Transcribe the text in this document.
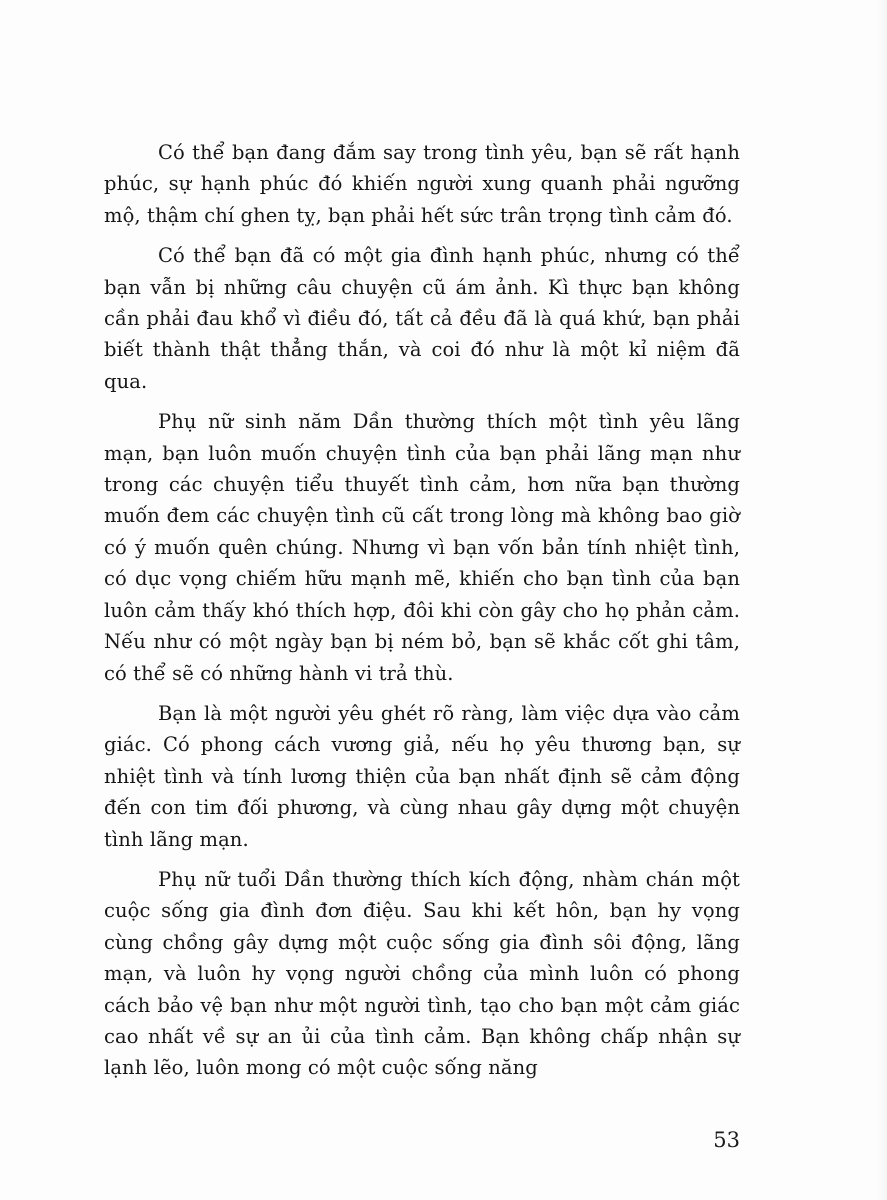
Có thể bạn đang đắm say trong tình yêu, bạn sẽ rất hạnh phúc, sự hạnh phúc đó khiến người xung quanh phải ngưỡng mộ, thậm chí ghen tỵ, bạn phải hết sức trân trọng tình cảm đó.

Có thể bạn đã có một gia đình hạnh phúc, nhưng có thể bạn vẫn bị những câu chuyện cũ ám ảnh. Kì thực bạn không cần phải đau khổ vì điều đó, tất cả đều đã là quá khứ, bạn phải biết thành thật thẳng thắn, và coi đó như là một kỉ niệm đã qua.

Phụ nữ sinh năm Dần thường thích một tình yêu lãng mạn, bạn luôn muốn chuyện tình của bạn phải lãng mạn như trong các chuyện tiểu thuyết tình cảm, hơn nữa bạn thường muốn đem các chuyện tình cũ cất trong lòng mà không bao giờ có ý muốn quên chúng. Nhưng vì bạn vốn bản tính nhiệt tình, có dục vọng chiếm hữu mạnh mẽ, khiến cho bạn tình của bạn luôn cảm thấy khó thích hợp, đôi khi còn gây cho họ phản cảm. Nếu như có một ngày bạn bị ném bỏ, bạn sẽ khắc cốt ghi tâm, có thể sẽ có những hành vi trả thù.

Bạn là một người yêu ghét rõ ràng, làm việc dựa vào cảm giác. Có phong cách vương giả, nếu họ yêu thương bạn, sự nhiệt tình và tính lương thiện của bạn nhất định sẽ cảm động đến con tim đối phương, và cùng nhau gây dựng một chuyện tình lãng mạn.

Phụ nữ tuổi Dần thường thích kích động, nhàm chán một cuộc sống gia đình đơn điệu. Sau khi kết hôn, bạn hy vọng cùng chồng gây dựng một cuộc sống gia đình sôi động, lãng mạn, và luôn hy vọng người chồng của mình luôn có phong cách bảo vệ bạn như một người tình, tạo cho bạn một cảm giác cao nhất về sự an ủi của tình cảm. Bạn không chấp nhận sự lạnh lẽo, luôn mong có một cuộc sống năng

53
